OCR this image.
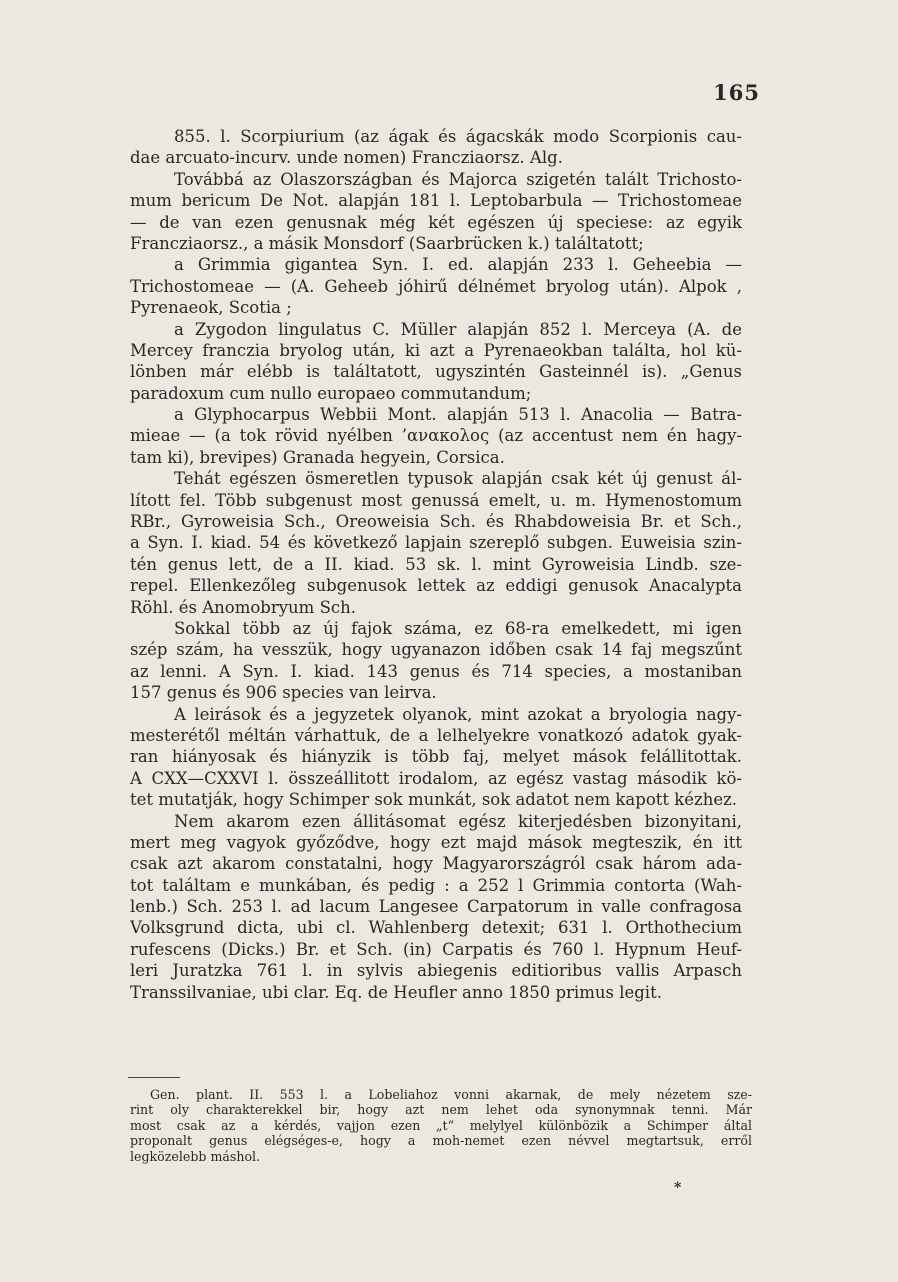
165
855. l. Scorpiurium (az ágak és ágacskák modo Scorpionis cau-
dae arcuato-incurv. unde nomen) Francziaorsz. Alg.
Továbbá az Olaszországban és Majorca szigetén talált Trichosto-
mum bericum De Not. alapján 181 l. Leptobarbula — Trichostomeae
— de van ezen genusnak még két egészen új speciese: az egyik
Francziaorsz., a másik Monsdorf (Saarbrücken k.) találtatott;
a Grimmia gigantea Syn. I. ed. alapján 233 l. Geheebia —
Trichostomeae — (A. Geheeb jóhirű délnémet bryolog után). Alpok ,
Pyrenaeok, Scotia ;
a Zygodon lingulatus C. Müller alapján 852 l. Merceya (A. de
Mercey franczia bryolog után, ki azt a Pyrenaeokban találta, hol kü-
lönben már elébb is találtatott, ugyszintén Gasteinnél is). „Genus
paradoxum cum nullo europaeo commutandum;
a Glyphocarpus Webbii Mont. alapján 513 l. Anacolia — Batra-
mieae — (a tok rövid nyélben ’ανακολος (az accentust nem én hagy-
tam ki), brevipes) Granada hegyein, Corsica.
Tehát egészen ösmeretlen typusok alapján csak két új genust ál-
lított fel. Több subgenust most genussá emelt, u. m. Hymenostomum
RBr., Gyroweisia Sch., Oreoweisia Sch. és Rhabdoweisia Br. et Sch.,
a Syn. I. kiad. 54 és következő lapjain szereplő subgen. Euweisia szin-
tén genus lett, de a II. kiad. 53 sk. l. mint Gyroweisia Lindb. sze-
repel. Ellenkezőleg subgenusok lettek az eddigi genusok Anacalypta
Röhl. és Anomobryum Sch.
Sokkal több az új fajok száma, ez 68-ra emelkedett, mi igen
szép szám, ha vesszük, hogy ugyanazon időben csak 14 faj megszűnt
az lenni. A Syn. I. kiad. 143 genus és 714 species, a mostaniban
157 genus és 906 species van leirva.
A leirások és a jegyzetek olyanok, mint azokat a bryologia nagy-
mesterétől méltán várhattuk, de a lelhelyekre vonatkozó adatok gyak-
ran hiányosak és hiányzik is több faj, melyet mások felállitottak.
A CXX—CXXVI l. összeállitott irodalom, az egész vastag második kö-
tet mutatják, hogy Schimper sok munkát, sok adatot nem kapott kézhez.
Nem akarom ezen állitásomat egész kiterjedésben bizonyitani,
mert meg vagyok győződve, hogy ezt majd mások megteszik, én itt
csak azt akarom constatalni, hogy Magyarországról csak három ada-
tot találtam e munkában, és pedig : a 252 l Grimmia contorta (Wah-
lenb.) Sch. 253 l. ad lacum Langesee Carpatorum in valle confragosa
Volksgrund dicta, ubi cl. Wahlenberg detexit; 631 l. Orthothecium
rufescens (Dicks.) Br. et Sch. (in) Carpatis és 760 l. Hypnum Heuf-
leri Juratzka 761 l. in sylvis abiegenis editioribus vallis Arpasch
Transsilvaniae, ubi clar. Eq. de Heufler anno 1850 primus legit.
Gen. plant. II. 553 l. a Lobeliahoz vonni akarnak, de mely nézetem sze-
rint oly charakterekkel bir, hogy azt nem lehet oda synonymnak tenni. Már
most csak az a kérdés, vajjon ezen „t“ melylyel különbözik a Schimper által
proponalt genus elégséges-e, hogy a moh-nemet ezen névvel megtartsuk, erről
legközelebb máshol.
*
